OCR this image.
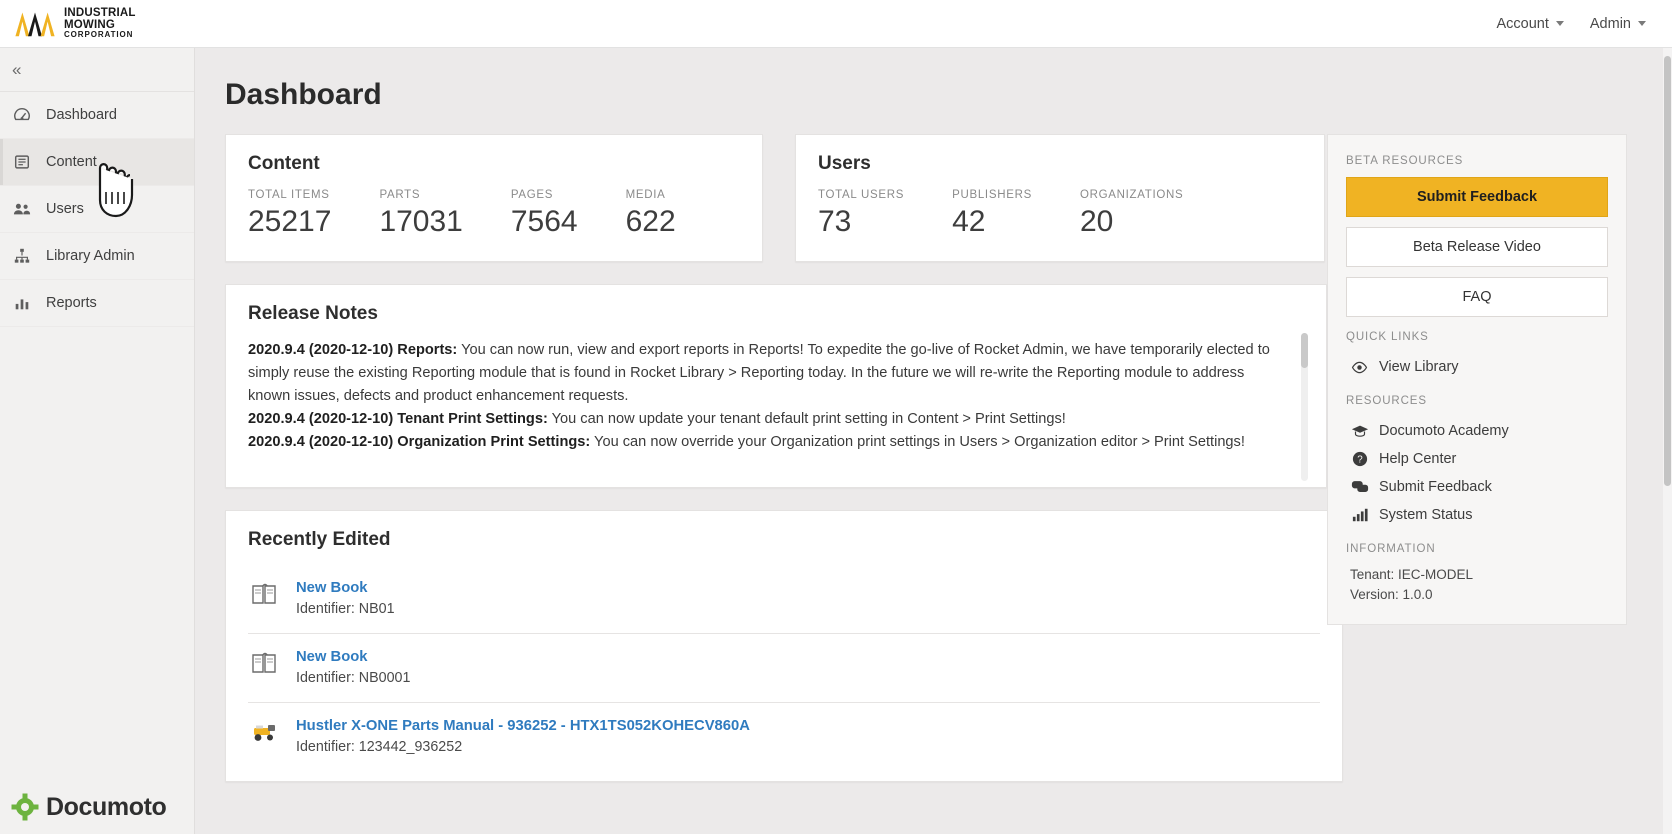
INDUSTRIAL
MOWING
CORPORATION
Account	Admin
«
Dashboard
Content
Users
Library Admin
Reports
Documoto
Dashboard
Content
TOTAL ITEMS
25217
PARTS
17031
PAGES
7564
MEDIA
622
Users
TOTAL USERS
73
PUBLISHERS
42
ORGANIZATIONS
20
Release Notes

2020.9.4 (2020-12-10) Reports: You can now run, view and export reports in Reports! To expedite the go-live of Rocket Admin, we have temporarily elected to simply reuse the existing Reporting module that is found in Rocket Library > Reporting today. In the future we will re-write the Reporting module to address known issues, defects and product enhancement requests.

2020.9.4 (2020-12-10) Tenant Print Settings: You can now update your tenant default print setting in Content > Print Settings!

2020.9.4 (2020-12-10) Organization Print Settings: You can now override your Organization print settings in Users > Organization editor > Print Settings!

Recently Edited
New Book
Identifier: NB01
New Book
Identifier: NB0001
Hustler X-ONE Parts Manual - 936252 - HTX1TS052KOHECV860A
Identifier: 123442_936252
BETA RESOURCES
Submit Feedback
Beta Release Video
FAQ
QUICK LINKS
View Library
RESOURCES
Documoto Academy
? Help Center
Submit Feedback
System Status
INFORMATION
Tenant: IEC-MODEL
Version: 1.0.0
